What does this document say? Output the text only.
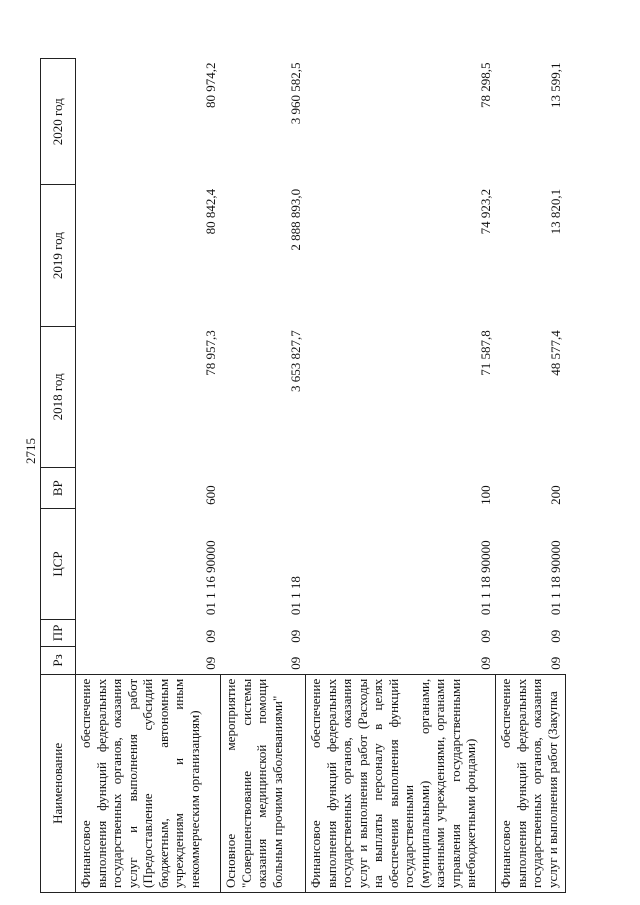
2715
Наименование	Рз	ПР	ЦСР	ВР	2018 год	2019 год	2020 год
Финансовое обеспечение выполнения функций федеральных государственных органов, оказания услуг и выполнения работ (Предоставление субсидий бюджетным, автономным учреждениям и иным некоммерческим организациям)	09	09	01 1 16 90000	600	78 957,3	80 842,4	80 974,2
Основное мероприятие "Совершенствование системы оказания медицинской помощи больным прочими заболеваниями"	09	09	01 1 18		3 653 827,7	2 888 893,0	3 960 582,5
Финансовое обеспечение выполнения функций федеральных государственных органов, оказания услуг и выполнения работ (Расходы на выплаты персоналу в целях обеспечения выполнения функций государственными (муниципальными) органами, казенными учреждениями, органами управления государственными внебюджетными фондами)	09	09	01 1 18 90000	100	71 587,8	74 923,2	78 298,5
Финансовое обеспечение выполнения функций федеральных государственных органов, оказания услуг и выполнения работ (Закупка	09	09	01 1 18 90000	200	48 577,4	13 820,1	13 599,1
